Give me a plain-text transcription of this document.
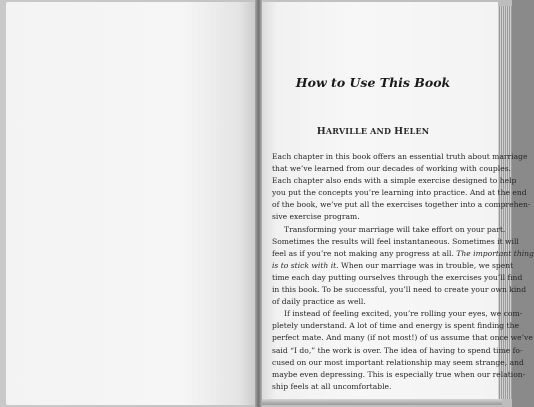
How to Use This Book
HARVILLE AND HELEN
Each chapter in this book offers an essential truth about marriage
that we’ve learned from our decades of working with couples.
Each chapter also ends with a simple exercise designed to help
you put the concepts you’re learning into practice. And at the end
of the book, we’ve put all the exercises together into a comprehen-
sive exercise program.
Transforming your marriage will take effort on your part.
Sometimes the results will feel instantaneous. Sometimes it will
feel as if you’re not making any progress at all. The important thing
is to stick with it. When our marriage was in trouble, we spent
time each day putting ourselves through the exercises you’ll find
in this book. To be successful, you’ll need to create your own kind
of daily practice as well.
If instead of feeling excited, you’re rolling your eyes, we com-
pletely understand. A lot of time and energy is spent finding the
perfect mate. And many (if not most!) of us assume that once we’ve
said “I do,” the work is over. The idea of having to spend time fo-
cused on our most important relationship may seem strange, and
maybe even depressing. This is especially true when our relation-
ship feels at all uncomfortable.
